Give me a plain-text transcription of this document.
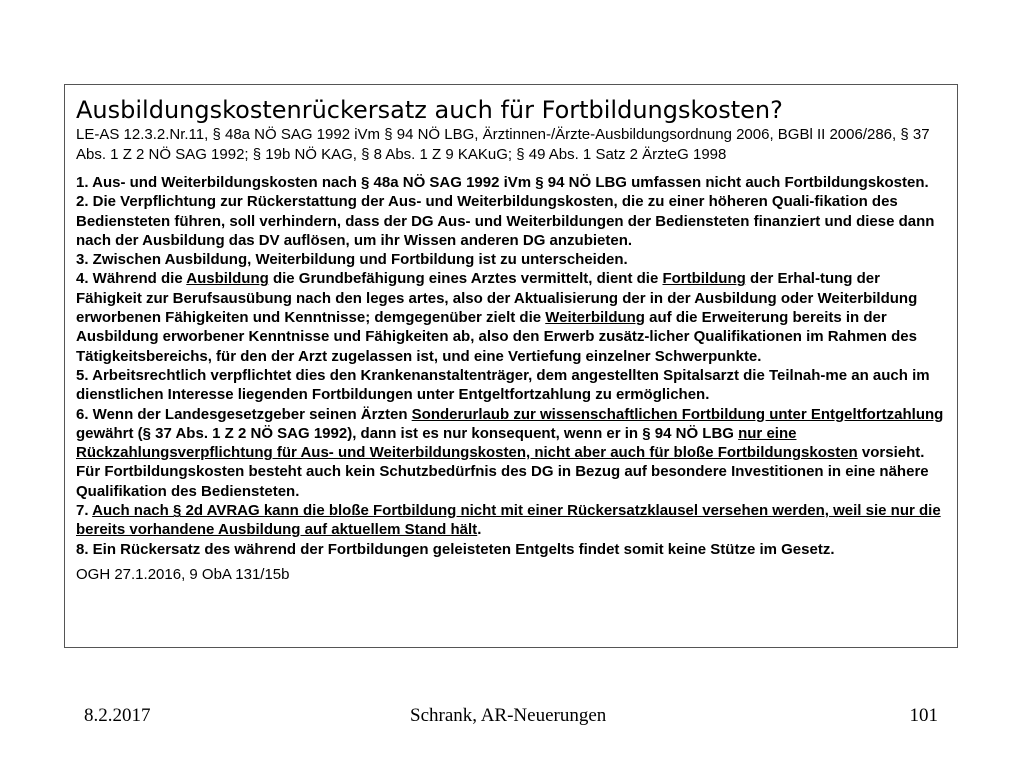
Ausbildungskostenrückersatz auch für Fortbildungskosten?
LE-AS 12.3.2.Nr.11, § 48a NÖ SAG 1992 iVm § 94 NÖ LBG, Ärztinnen-/Ärzte-Ausbildungsordnung 2006, BGBl II 2006/286, § 37 Abs. 1 Z 2 NÖ SAG 1992; § 19b NÖ KAG, § 8 Abs. 1 Z 9 KAKuG; § 49 Abs. 1 Satz 2 ÄrzteG 1998

1. Aus- und Weiterbildungskosten nach § 48a NÖ SAG 1992 iVm § 94 NÖ LBG umfassen nicht auch Fortbildungskosten.

2. Die Verpflichtung zur Rückerstattung der Aus- und Weiterbildungskosten, die zu einer höheren Quali-fikation des Bediensteten führen, soll verhindern, dass der DG Aus- und Weiterbildungen der Bediensteten finanziert und diese dann nach der Ausbildung das DV auflösen, um ihr Wissen anderen DG anzubieten.

3. Zwischen Ausbildung, Weiterbildung und Fortbildung ist zu unterscheiden.

4. Während die Ausbildung die Grundbefähigung eines Arztes vermittelt, dient die Fortbildung der Erhal-tung der Fähigkeit zur Berufsausübung nach den leges artes, also der Aktualisierung der in der Ausbildung oder Weiterbildung erworbenen Fähigkeiten und Kenntnisse; demgegenüber zielt die Weiterbildung auf die Erweiterung bereits in der Ausbildung erworbener Kenntnisse und Fähigkeiten ab, also den Erwerb zusätz-licher Qualifikationen im Rahmen des Tätigkeitsbereichs, für den der Arzt zugelassen ist, und eine Vertiefung einzelner Schwerpunkte.

5. Arbeitsrechtlich verpflichtet dies den Krankenanstaltenträger, dem angestellten Spitalsarzt die Teilnah-me an auch im dienstlichen Interesse liegenden Fortbildungen unter Entgeltfortzahlung zu ermöglichen.

6. Wenn der Landesgesetzgeber seinen Ärzten Sonderurlaub zur wissenschaftlichen Fortbildung unter Entgeltfortzahlung gewährt (§ 37 Abs. 1 Z 2 NÖ SAG 1992), dann ist es nur konsequent, wenn er in § 94 NÖ LBG nur eine Rückzahlungsverpflichtung für Aus- und Weiterbildungskosten, nicht aber auch für bloße Fortbildungskosten vorsieht. Für Fortbildungskosten besteht auch kein Schutzbedürfnis des DG in Bezug auf besondere Investitionen in eine nähere Qualifikation des Bediensteten.

7. Auch nach § 2d AVRAG kann die bloße Fortbildung nicht mit einer Rückersatzklausel versehen werden, weil sie nur die bereits vorhandene Ausbildung auf aktuellem Stand hält.

8. Ein Rückersatz des während der Fortbildungen geleisteten Entgelts findet somit keine Stütze im Gesetz.

OGH 27.1.2016, 9 ObA 131/15b
8.2.2017	Schrank, AR-Neuerungen	101
